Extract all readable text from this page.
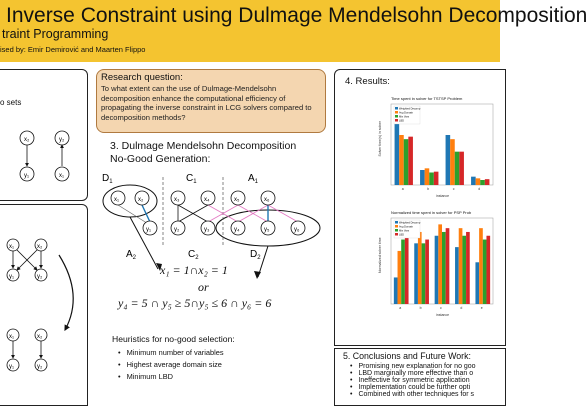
Inverse Constraint using Dulmage Mendelsohn Decomposition
traint Programming
ised by: Emir Demirović and Maarten Flippo
o sets
x₂	y₂
y₁	x₁
x₁	x₂
y₁	y₂
x₁	x₂
y₁	y₂
Research question:
To what extent can the use of Dulmage-Mendelsohn decomposition enhance the computational efficiency of propagating the inverse constraint in LCG solvers compared to decomposition methods?
3. Dulmage Mendelsohn Decomposition
No-Good Generation:
x₁	x₂	x₃	x₄	x₅	x₆
y₁	y₂	y₃	y₄	y₅	y₆
$D_1$	$C_1$	$A_1$
$A_2$	$C_2$	$D_2$
x₁ = 1∩x₂ = 1
or
y₄ = 5 ∩ y₅ ≥ 5∩y₅ ≤ 6 ∩ y₆ = 6
Heuristics for no-good selection:
• Minimum number of variables
• Highest average domain size
• Minimum LBD
4. Results:
Time spent in solver for TSTSP Problem
a	b	c	d
instance
Solver time(s) in solver
Weighted Decomp
Avg Domain
Min Vars
LBD
Normalized time spent in solver for PSP Prob
a	b	c	d	e
instance
Normalized solver time
Weighted Decomp
Avg Domain
Min Vars
LBD
5. Conclusions and Future Work:
• Promising new explanation for no goo
• LBD marginally more effective than o
• Ineffective for symmetric application
• Implementation could be further opti
• Combined with other techniques for s
